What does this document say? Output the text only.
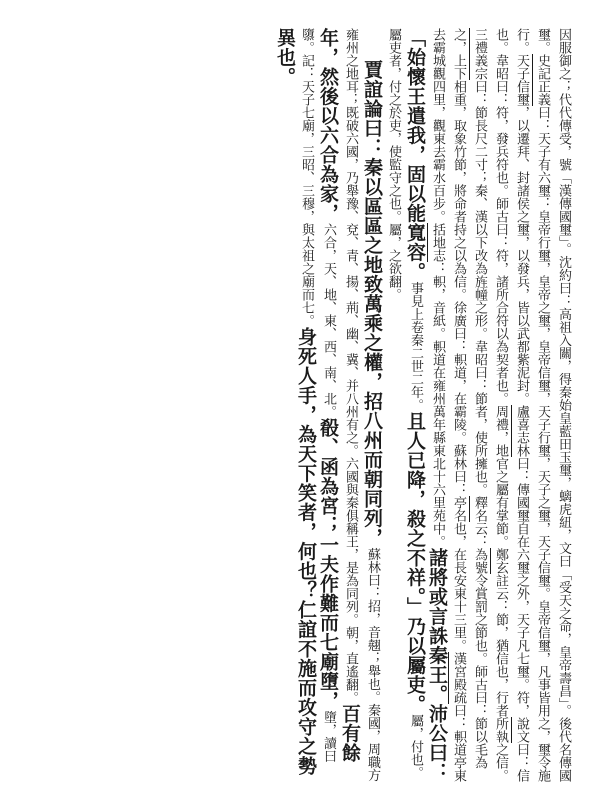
因服御之；代代傳受，號「漢傳國璽」。沈約曰：高祖入關，得秦始皇藍田玉璽，螭虎紐，文曰「受天之命，皇帝壽昌」。後代名傳國璽。史記正義曰：天子有六璽：皇帝行璽，皇帝之璽，皇帝信璽，天子行璽，天子之璽，天子信璽。皇帝信璽，凡事皆用之，璽令施行。天子信璽，以遷拜、封諸侯之璽，以發兵，皆以武都紫泥封。盧喜志林曰：傳國璽自在六璽之外，天子凡七璽。符，說文曰：信也。韋昭曰：符，發兵符也。師古曰：符，諸所合符以為契者也。周禮，地官之屬有掌節。鄭玄註云：節，猶信也，行者所執之信。三禮義宗曰：節長尺二寸；秦、漢以下改為旌幢之形。韋昭曰：節者，使所擁也。釋名云：為號令賞罰之節也。師古曰：節以毛為之，上下相重，取象竹節，將命者持之以為信。徐廣曰：軹道，在霸陵。蘇林曰：亭名也，在長安東十三里。漢宮殿疏曰：軹道亭東去霸城觀四里，觀東去霸水百步。括地志：軹，音紙。軹道在雍州萬年縣東北十六里苑中。諸將或言誅秦王。沛公曰：「始懷王遣我，固以能寬容。事見上卷秦二世二年。且人已降，殺之不祥。」乃以屬吏。屬，付也。屬吏者，付之於吏，使監守之也。屬，之欲翻。

賈誼論曰：秦以區區之地致萬乘之權，招八州而朝同列，蘇林曰：招，音翹；舉也。秦國，周職方雍州之地耳；既破六國，乃舉豫、兗、青、揚、荊、幽、冀、并八州有之。六國與秦俱稱王，是為同列。朝，直遙翻。百有餘年，然後以六合為家，六合，天、地、東、西、南、北。殽、函為宮；一夫作難而七廟墮，墮，讀曰隳。記：天子七廟，三昭、三穆，與太祖之廟而七。身死人手，為天下笑者，何也？仁誼不施而攻守之勢異也。
